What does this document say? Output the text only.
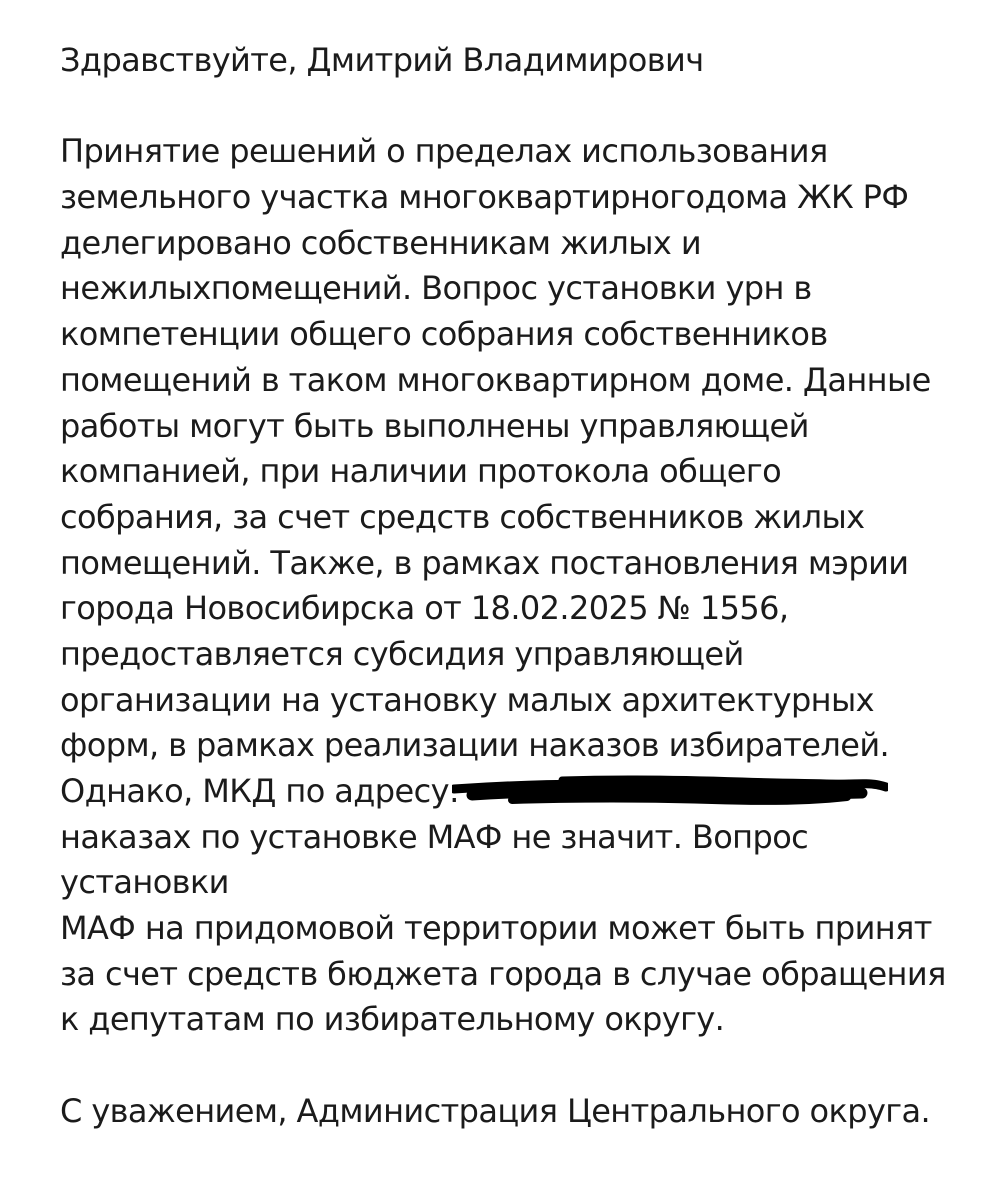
Здравствуйте, Дмитрий Владимирович
Принятие решений о пределах использования
земельного участка многоквартирногодома ЖК РФ
делегировано собственникам жилых и
нежилыхпомещений. Вопрос установки урн в
компетенции общего собрания собственников
помещений в таком многоквартирном доме. Данные
работы могут быть выполнены управляющей
компанией, при наличии протокола общего
собрания, за счет средств собственников жилых
помещений. Также, в рамках постановления мэрии
города Новосибирска от 18.02.2025 № 1556,
предоставляется субсидия управляющей
организации на установку малых архитектурных
форм, в рамках реализации наказов избирателей.
Однако, МКД по адресу:
наказах по установке МАФ не значит. Вопрос
установки
МАФ на придомовой территории может быть принят
за счет средств бюджета города в случае обращения
к депутатам по избирательному округу.
С уважением, Администрация Центрального округа.
